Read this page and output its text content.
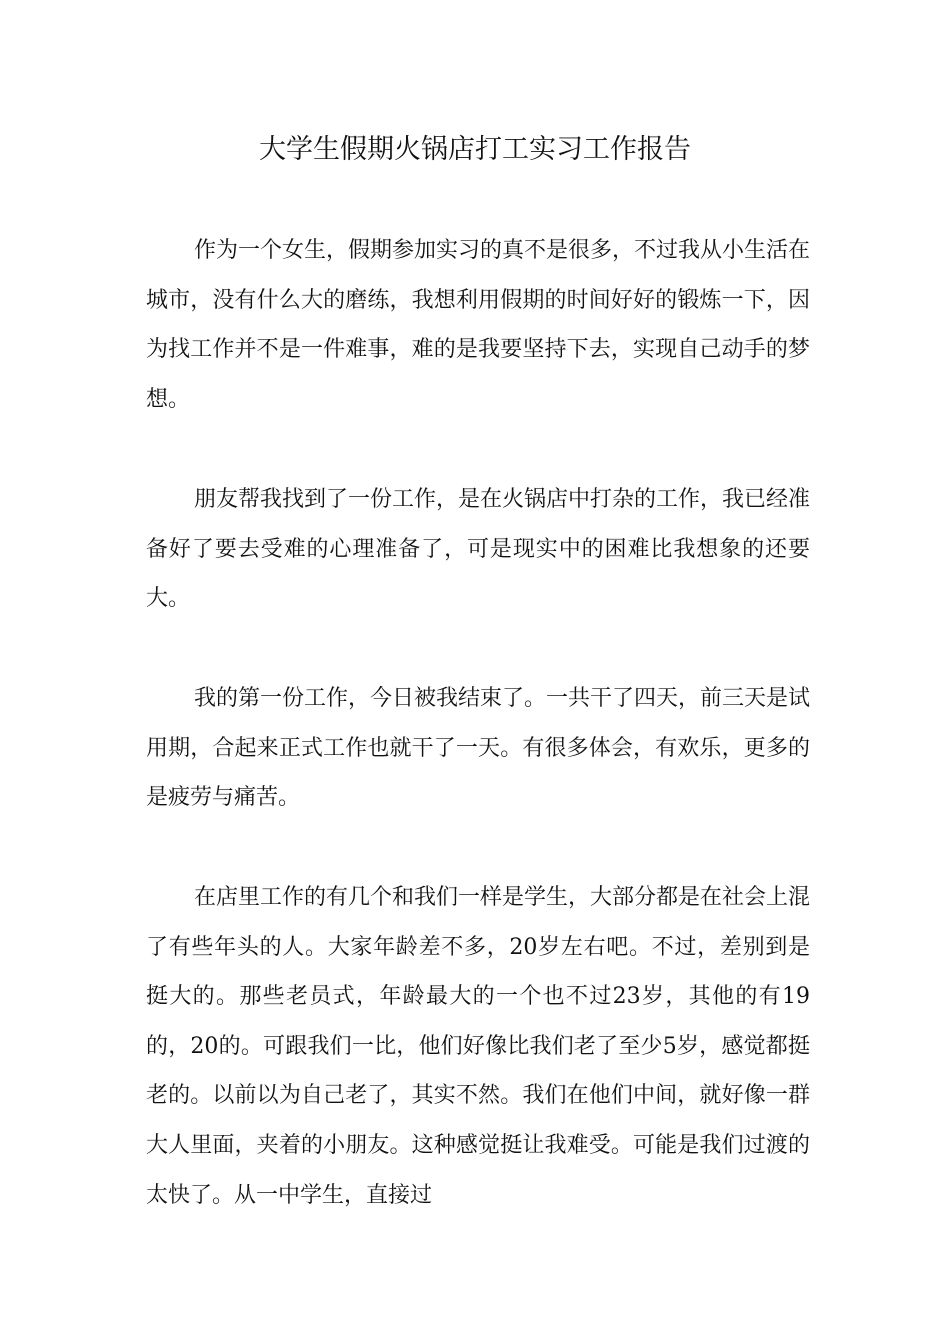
大学生假期火锅店打工实习工作报告

作为一个女生，假期参加实习的真不是很多，不过我从小生活在城市，没有什么大的磨练，我想利用假期的时间好好的锻炼一下，因为找工作并不是一件难事，难的是我要坚持下去，实现自己动手的梦想。

朋友帮我找到了一份工作，是在火锅店中打杂的工作，我已经准备好了要去受难的心理准备了，可是现实中的困难比我想象的还要大。

我的第一份工作，今日被我结束了。一共干了四天，前三天是试用期，合起来正式工作也就干了一天。有很多体会，有欢乐，更多的是疲劳与痛苦。

在店里工作的有几个和我们一样是学生，大部分都是在社会上混了有些年头的人。大家年龄差不多，20岁左右吧。不过，差别到是挺大的。那些老员式，年龄最大的一个也不过23岁，其他的有19的，20的。可跟我们一比，他们好像比我们老了至少5岁，感觉都挺老的。以前以为自己老了，其实不然。我们在他们中间，就好像一群大人里面，夹着的小朋友。这种感觉挺让我难受。可能是我们过渡的太快了。从一中学生，直接过
